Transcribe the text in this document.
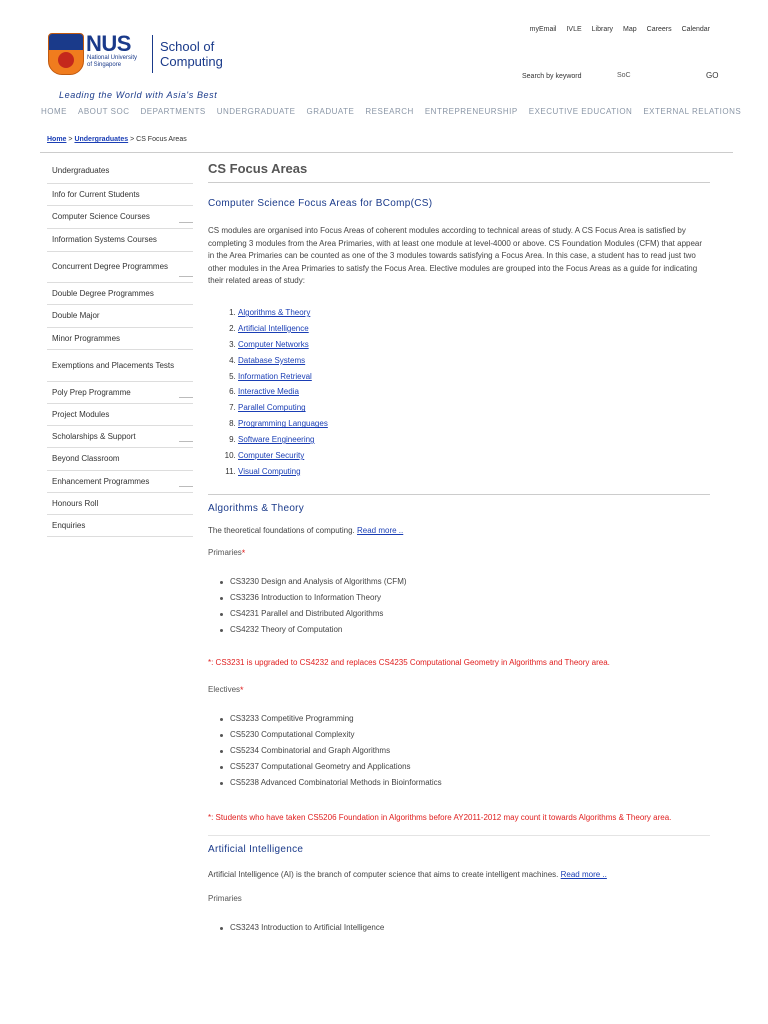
NUS
National University
of Singapore
School of
Computing
Leading the World with Asia's Best
myEmail IVLE Library Map Careers Calendar
Search by keyword
SoC	GO
HOME ABOUT SOC DEPARTMENTS UNDERGRADUATE GRADUATE RESEARCH ENTREPRENEURSHIP EXECUTIVE EDUCATION EXTERNAL RELATIONS
Home > Undergraduates > CS Focus Areas
Undergraduates
Info for Current Students
Computer Science Courses
Information Systems Courses
Concurrent Degree Programmes
Double Degree Programmes
Double Major
Minor Programmes
Exemptions and Placements Tests
Poly Prep Programme
Project Modules
Scholarships & Support
Beyond Classroom
Enhancement Programmes
Honours Roll
Enquiries
CS Focus Areas
Computer Science Focus Areas for BComp(CS)
CS modules are organised into Focus Areas of coherent modules according to technical areas of study. A CS Focus Area is satisfied by completing 3 modules from the Area Primaries, with at least one module at level-4000 or above. CS Foundation Modules (CFM) that appear in the Area Primaries can be counted as one of the 3 modules towards satisfying a Focus Area. In this case, a student has to read just two other modules in the Area Primaries to satisfy the Focus Area. Elective modules are grouped into the Focus Areas as a guide for indicating their related areas of study:
1. Algorithms & Theory
2. Artificial Intelligence
3. Computer Networks
4. Database Systems
5. Information Retrieval
6. Interactive Media
7. Parallel Computing
8. Programming Languages
9. Software Engineering
10. Computer Security
11. Visual Computing
Algorithms & Theory
The theoretical foundations of computing. Read more ..
Primaries*
CS3230 Design and Analysis of Algorithms (CFM)
CS3236 Introduction to Information Theory
CS4231 Parallel and Distributed Algorithms
CS4232 Theory of Computation
*: CS3231 is upgraded to CS4232 and replaces CS4235 Computational Geometry in Algorithms and Theory area.
Electives*
CS3233 Competitive Programming
CS5230 Computational Complexity
CS5234 Combinatorial and Graph Algorithms
CS5237 Computational Geometry and Applications
CS5238 Advanced Combinatorial Methods in Bioinformatics
*: Students who have taken CS5206 Foundation in Algorithms before AY2011-2012 may count it towards Algorithms & Theory area.
Artificial Intelligence
Artificial Intelligence (AI) is the branch of computer science that aims to create intelligent machines. Read more ..
Primaries
CS3243 Introduction to Artificial Intelligence
